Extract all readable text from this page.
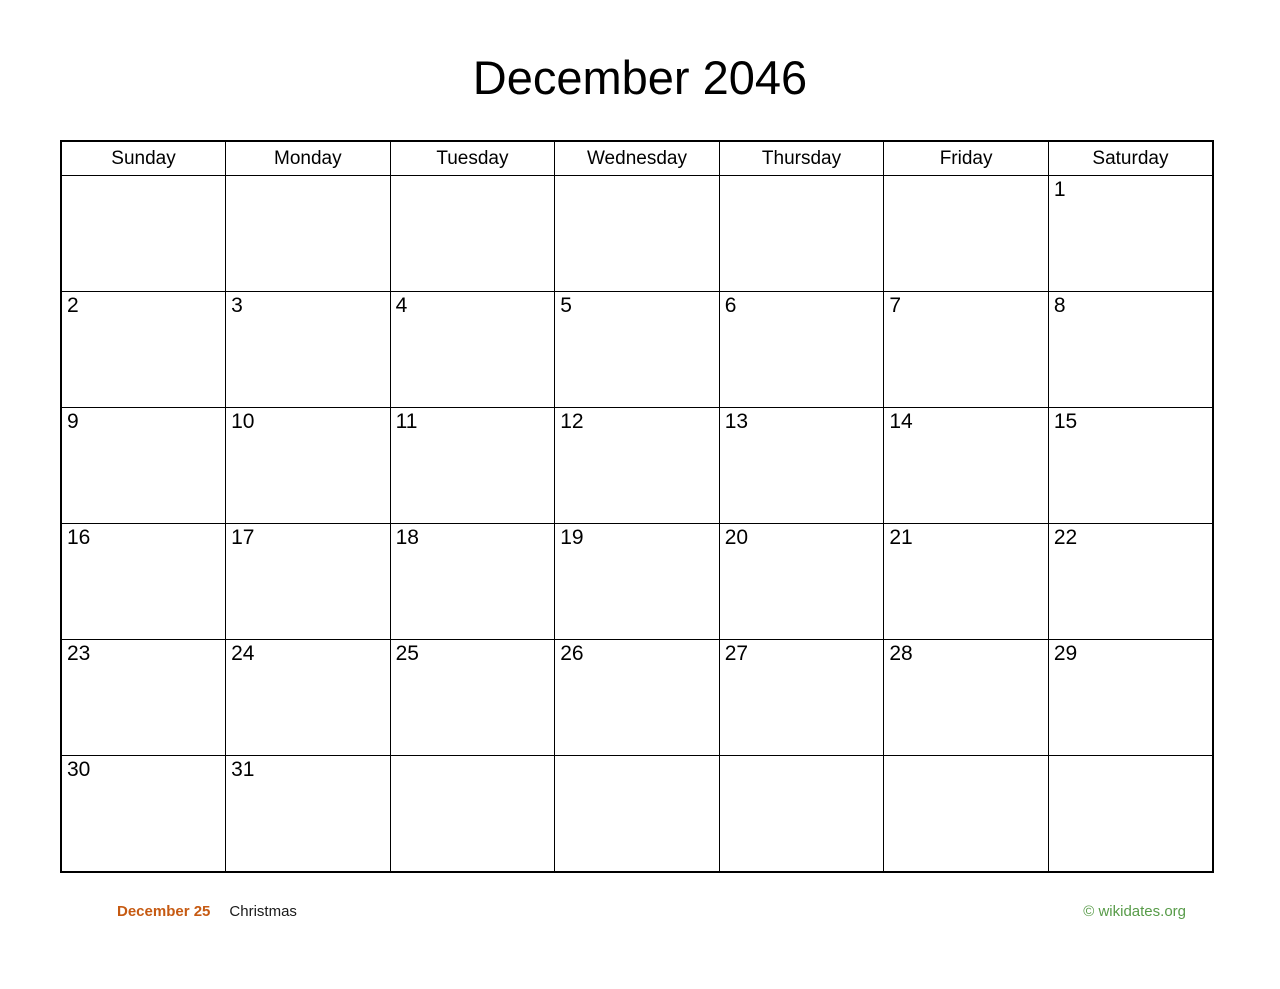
December 2046
Sunday	Monday	Tuesday	Wednesday	Thursday	Friday	Saturday
						1
2	3	4	5	6	7	8
9	10	11	12	13	14	15
16	17	18	19	20	21	22
23	24	25	26	27	28	29
30	31					
December 25 Christmas	© wikidates.org
